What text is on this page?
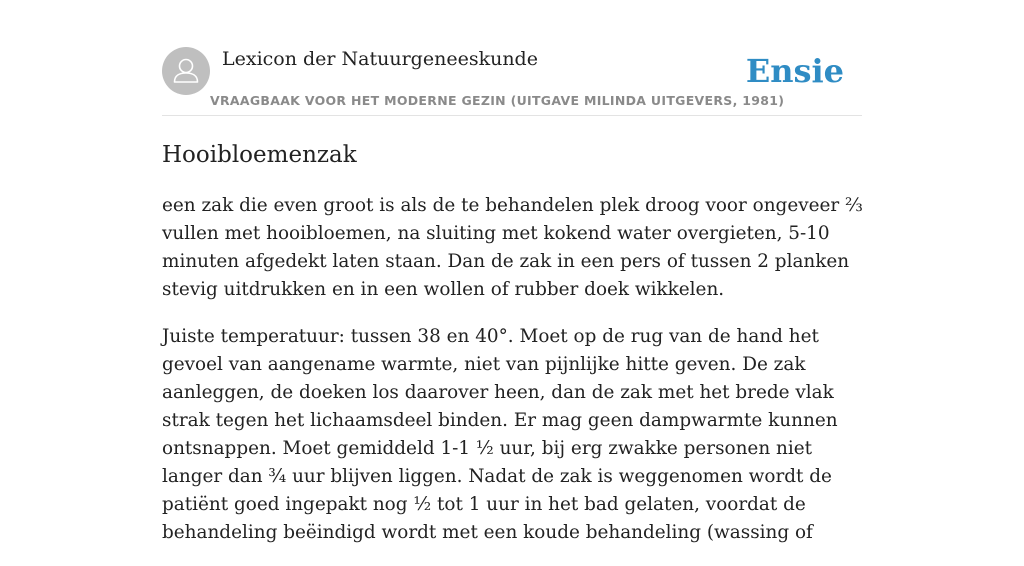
Lexicon der Natuurgeneeskunde
VRAAGBAAK VOOR HET MODERNE GEZIN (UITGAVE MILINDA UITGEVERS, 1981)
Ensie
Hooibloemenzak

een zak die even groot is als de te behandelen plek droog voor ongeveer ⅔ vullen met hooibloemen, na sluiting met kokend water overgieten, 5-10 minuten afgedekt laten staan. Dan de zak in een pers of tussen 2 planken stevig uitdrukken en in een wollen of rubber doek wikkelen.

Juiste temperatuur: tussen 38 en 40°. Moet op de rug van de hand het gevoel van aangename warmte, niet van pijnlijke hitte geven. De zak aanleggen, de doeken los daarover heen, dan de zak met het brede vlak strak tegen het lichaamsdeel binden. Er mag geen dampwarmte kunnen ontsnappen. Moet gemiddeld 1-1 ½ uur, bij erg zwakke personen niet langer dan ¾ uur blijven liggen. Nadat de zak is weggenomen wordt de patiënt goed ingepakt nog ½ tot 1 uur in het bad gelaten, voordat de behandeling beëindigd wordt met een koude behandeling (wassing of
